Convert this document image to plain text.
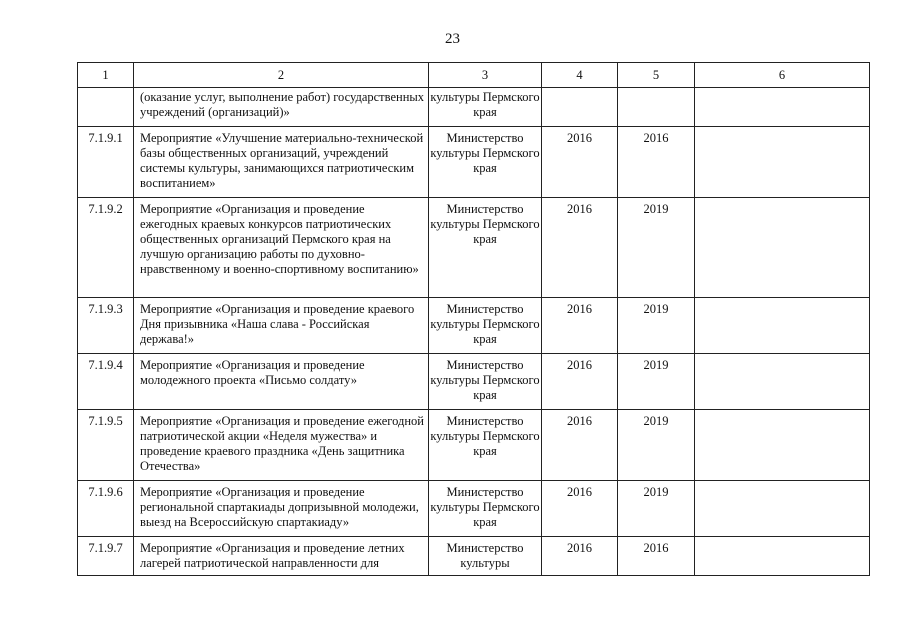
23
1	2	3	4	5	6

	(оказание услуг, выполнение работ) государственных учреждений (организаций)»	культуры Пермского края			

7.1.9.1	Мероприятие «Улучшение материально-технической базы общественных организаций, учреждений системы культуры, занимающихся патриотическим воспитанием»	Министерство культуры Пермского края	2016	2016	

7.1.9.2	Мероприятие «Организация и проведение ежегодных краевых конкурсов патриотических общественных организаций Пермского края на лучшую организацию работы по духовно-нравственному и военно-спортивному воспитанию»	Министерство культуры Пермского края	2016	2019	

7.1.9.3	Мероприятие «Организация и проведение краевого Дня призывника «Наша слава - Российская держава!»	Министерство культуры Пермского края	2016	2019	

7.1.9.4	Мероприятие «Организация и проведение молодежного проекта «Письмо солдату»	Министерство культуры Пермского края	2016	2019	

7.1.9.5	Мероприятие «Организация и проведение ежегодной патриотической акции «Неделя мужества» и проведение краевого праздника «День защитника Отечества»	Министерство культуры Пермского края	2016	2019	

7.1.9.6	Мероприятие «Организация и проведение региональной спартакиады допризывной молодежи, выезд на Всероссийскую спартакиаду»	Министерство культуры Пермского края	2016	2019	

7.1.9.7	Мероприятие «Организация и проведение летних лагерей патриотической направленности для	Министерство культуры	2016	2016	
